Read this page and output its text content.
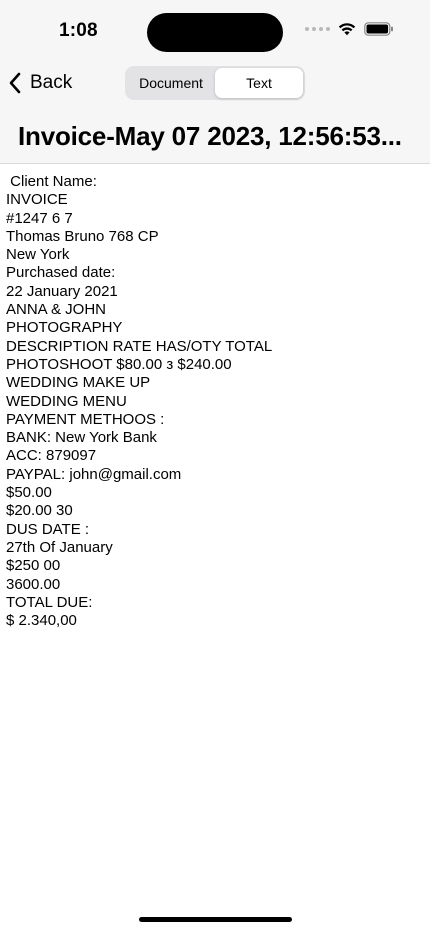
1:08
Back	Document	Text
Invoice-May 07 2023, 12:56:53...
Client Name:
INVOICE
#1247 6 7
Thomas Bruno 768 CP
New York
Purchased date:
22 January 2021
ANNA & JOHN
PHOTOGRAPHY
DESCRIPTION RATE HAS/OTY TOTAL
PHOTOSHOOT $80.00 з $240.00
WEDDING MAKE UP
WEDDING MENU
PAYMENT METHOOS :
BANK: New York Bank
ACC: 879097
PAYPAL: john@gmail.com
$50.00
$20.00 30
DUS DATE :
27th Of January
$250 00
3600.00
TOTAL DUE:
$ 2.340,00
